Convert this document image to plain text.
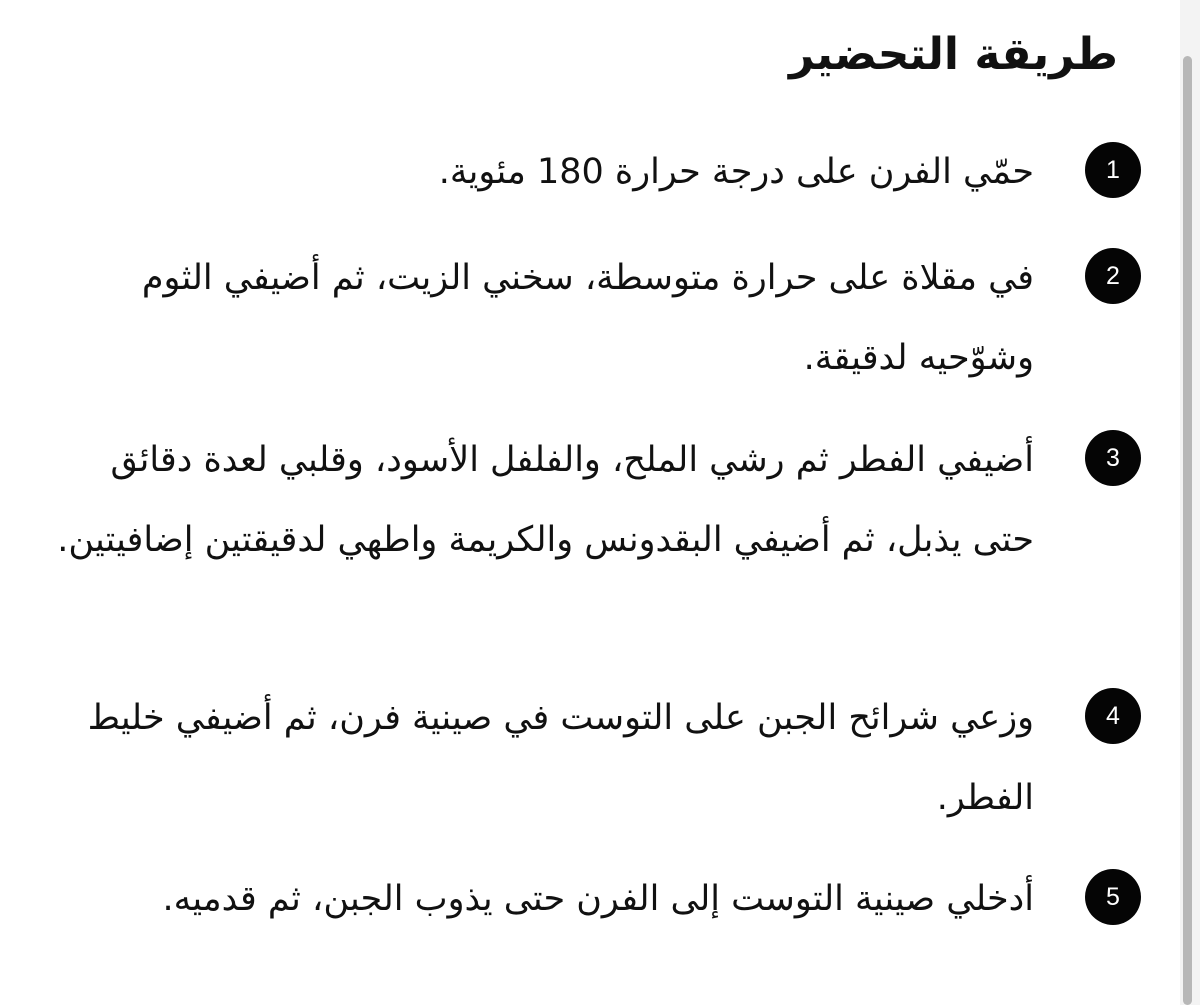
طريقة التحضير
1

حمّي الفرن على درجة حرارة 180 مئوية.

2

في مقلاة على حرارة متوسطة، سخني الزيت، ثم أضيفي الثوم وشوّحيه لدقيقة.

3

أضيفي الفطر ثم رشي الملح، والفلفل الأسود، وقلبي لعدة دقائق حتى يذبل، ثم أضيفي البقدونس والكريمة واطهي لدقيقتين إضافيتين.

4

وزعي شرائح الجبن على التوست في صينية فرن، ثم أضيفي خليط الفطر.

5

أدخلي صينية التوست إلى الفرن حتى يذوب الجبن، ثم قدميه.
